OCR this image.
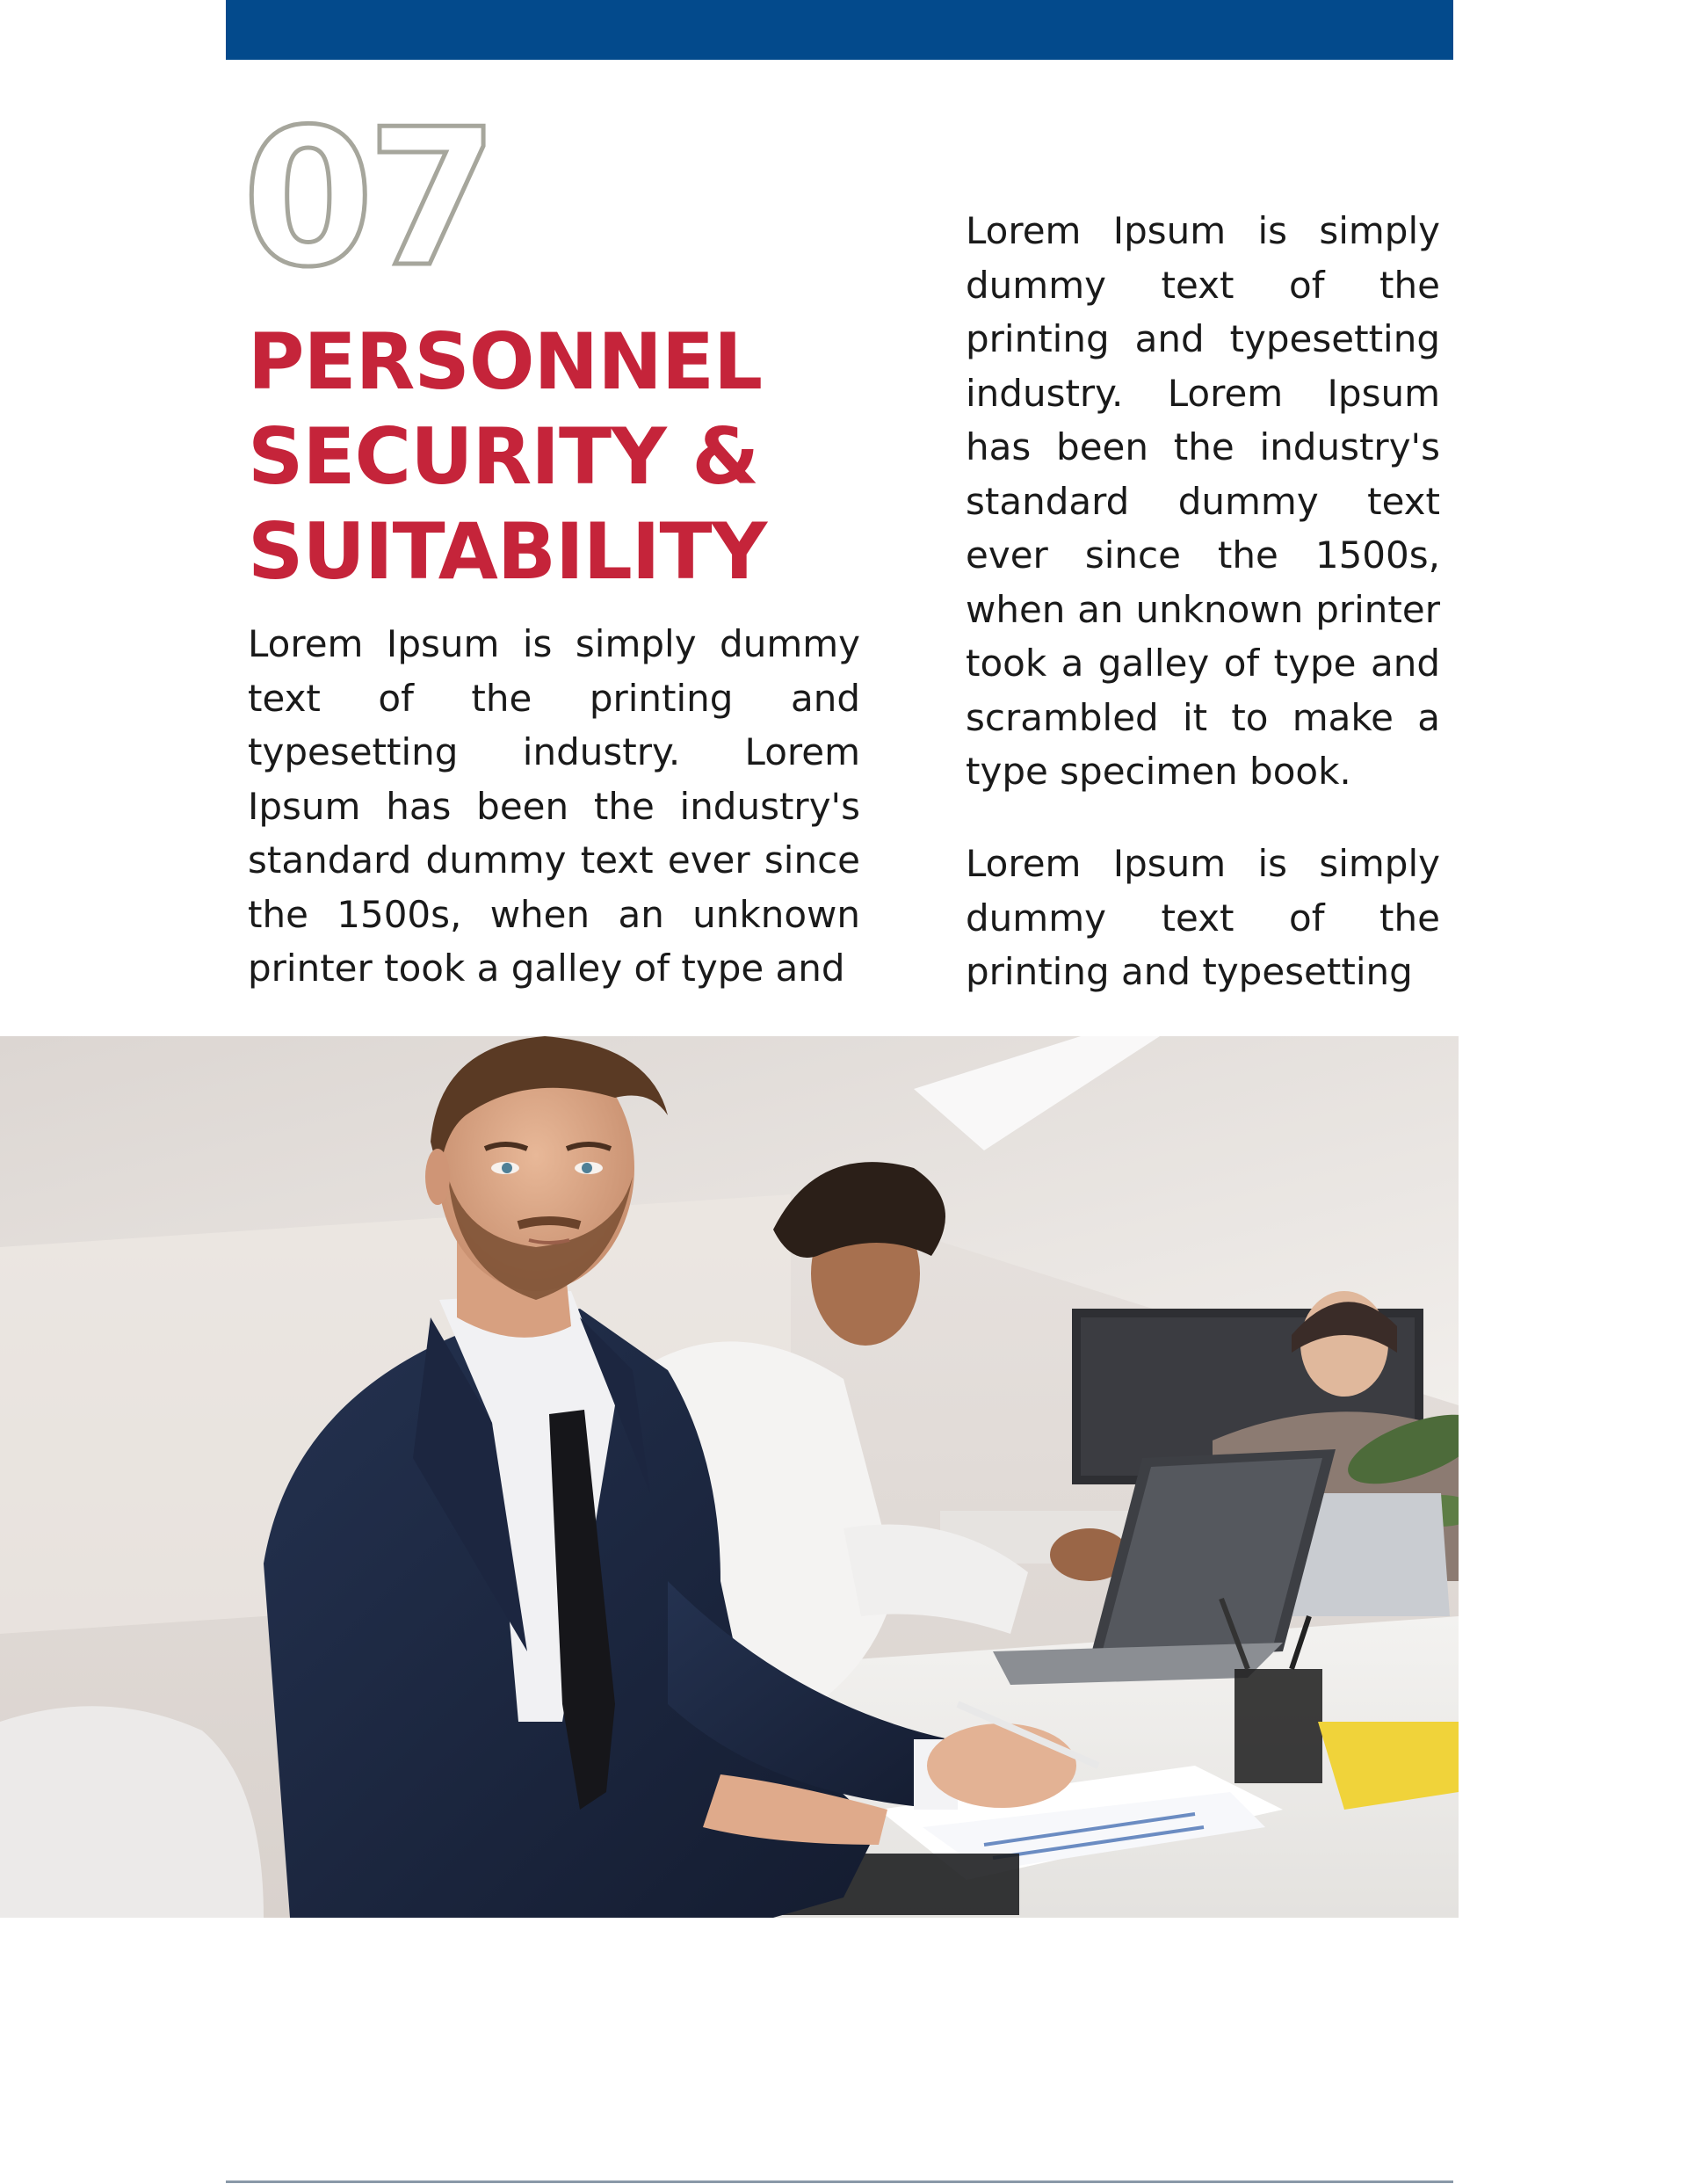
07
PERSONNEL
SECURITY &
SUITABILITY

Lorem Ipsum is simply dummy text of the printing and typesetting industry. Lorem Ipsum has been the industry's standard dummy text ever since the 1500s, when an unknown printer took a galley of type and

Lorem Ipsum is simply dummy text of the printing and typesetting industry. Lorem Ipsum has been the industry's standard dummy text ever since the 1500s, when an unknown printer took a galley of type and scrambled it to make a type specimen book.

Lorem Ipsum is simply dummy text of the printing and typesetting
